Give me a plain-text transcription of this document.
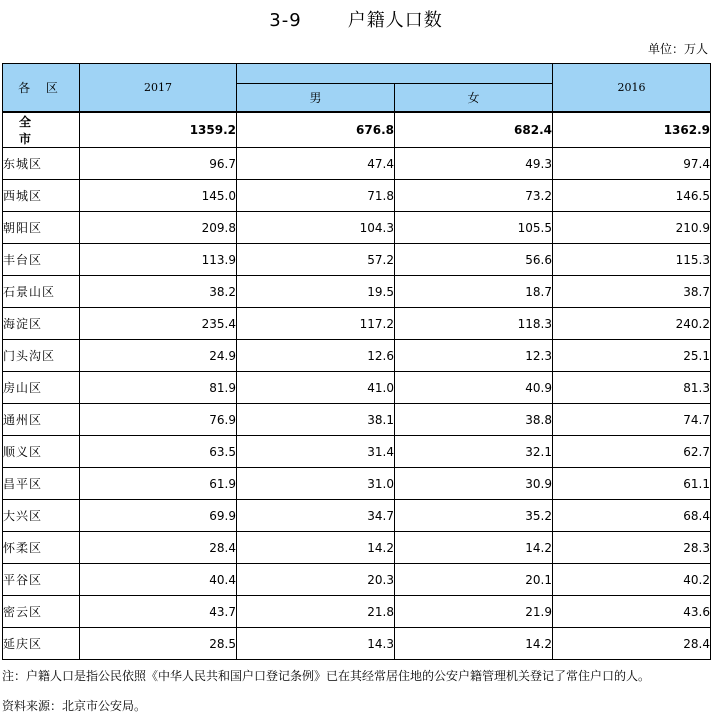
3-9	户籍人口数
单位：万人
各 区	2017			2016
		男	女	
全 市	1359.2	676.8	682.4	1362.9
东城区	96.7	47.4	49.3	97.4
西城区	145.0	71.8	73.2	146.5
朝阳区	209.8	104.3	105.5	210.9
丰台区	113.9	57.2	56.6	115.3
石景山区	38.2	19.5	18.7	38.7
海淀区	235.4	117.2	118.3	240.2
门头沟区	24.9	12.6	12.3	25.1
房山区	81.9	41.0	40.9	81.3
通州区	76.9	38.1	38.8	74.7
顺义区	63.5	31.4	32.1	62.7
昌平区	61.9	31.0	30.9	61.1
大兴区	69.9	34.7	35.2	68.4
怀柔区	28.4	14.2	14.2	28.3
平谷区	40.4	20.3	20.1	40.2
密云区	43.7	21.8	21.9	43.6
延庆区	28.5	14.3	14.2	28.4
注：户籍人口是指公民依照《中华人民共和国户口登记条例》已在其经常居住地的公安户籍管理机关登记了常住户口的人。
资料来源：北京市公安局。
